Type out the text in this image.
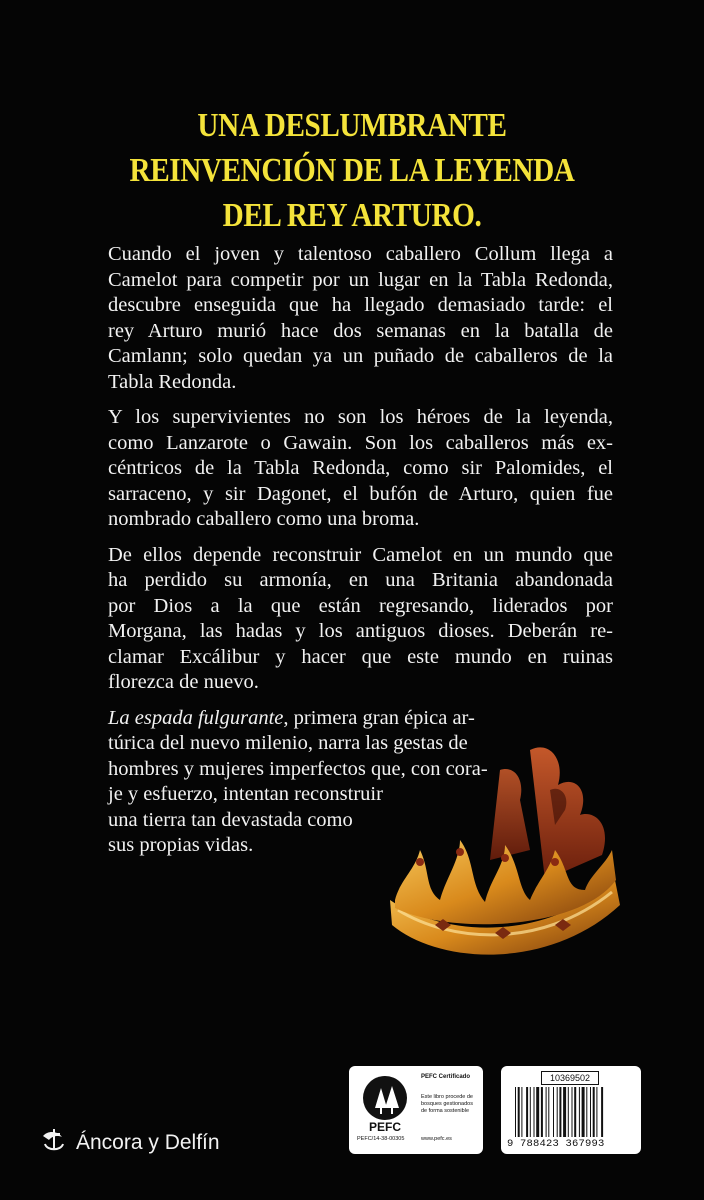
UNA DESLUMBRANTE
REINVENCIÓN DE LA LEYENDA
DEL REY ARTURO.
Cuando el joven y talentoso caballero Collum llega a
Camelot para competir por un lugar en la Tabla Redonda,
descubre enseguida que ha llegado demasiado tarde: el
rey Arturo murió hace dos semanas en la batalla de
Camlann; solo quedan ya un puñado de caballeros de la
Tabla Redonda.
Y los supervivientes no son los héroes de la leyenda,
como Lanzarote o Gawain. Son los caballeros más ex-
céntricos de la Tabla Redonda, como sir Palomides, el
sarraceno, y sir Dagonet, el bufón de Arturo, quien fue
nombrado caballero como una broma.
De ellos depende reconstruir Camelot en un mundo que
ha perdido su armonía, en una Britania abandonada
por Dios a la que están regresando, liderados por
Morgana, las hadas y los antiguos dioses. Deberán re-
clamar Excálibur y hacer que este mundo en ruinas
florezca de nuevo.
La espada fulgurante, primera gran épica ar-
túrica del nuevo milenio, narra las gestas de
hombres y mujeres imperfectos que, con cora-
je y esfuerzo, intentan reconstruir
una tierra tan devastada como
sus propias vidas.
Áncora y Delfín
PEFC
PEFC Certificado
Este libro procede de bosques gestionados de forma sostenible
PEFC/14-38-00305	www.pefc.es
10369502
9 788423 367993
